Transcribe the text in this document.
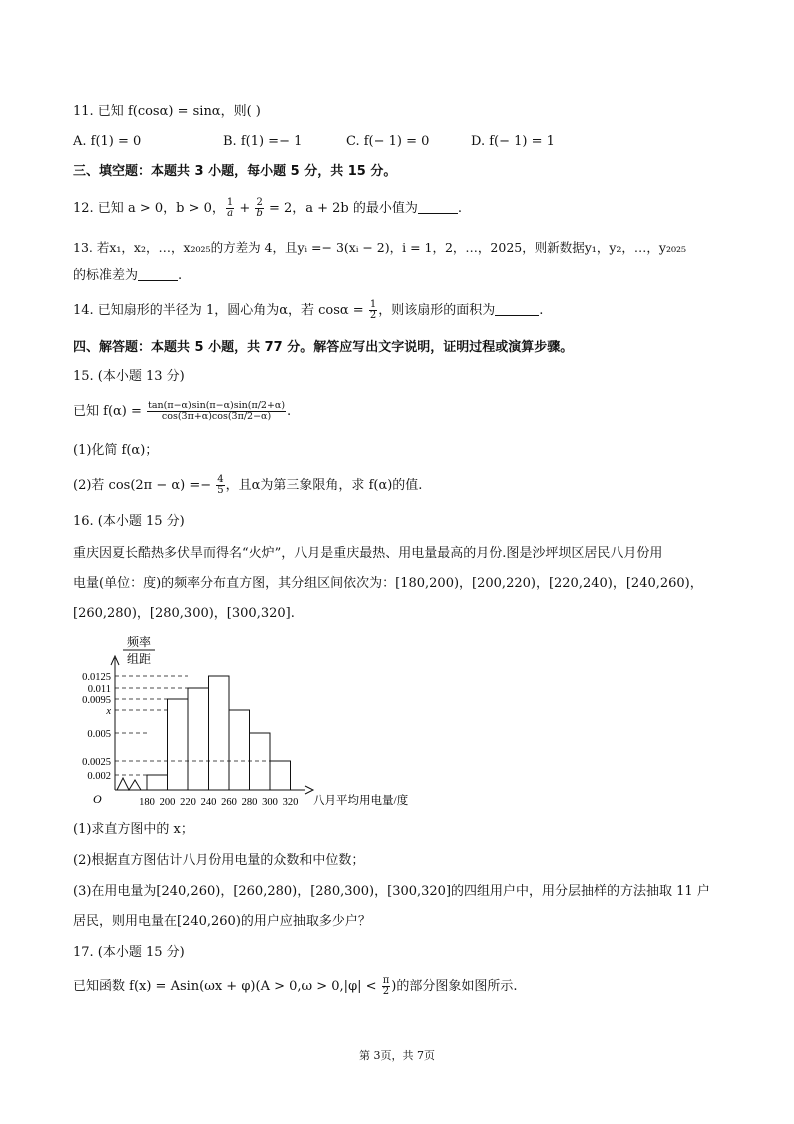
11. 已知 f(cosα) = sinα，则( )
A. f(1) = 0	B. f(1) =− 1	C. f(− 1) = 0	D. f(− 1) = 1
三、填空题：本题共 3 小题，每小题 5 分，共 15 分。
12. 已知 a > 0，b > 0， $\frac{1}{a} + \frac{2}{b} = 2$，a + 2b 的最小值为	.
13. 若x₁，x₂，…，x₂₀₂₅的方差为 4，且yᵢ =− 3(xᵢ − 2)，i = 1，2，…，2025，则新数据y₁，y₂，…，y₂₀₂₅
的标准差为	.
14. 已知扇形的半径为 1，圆心角为α，若 $\cos\alpha = \frac{1}{2}$ ，则该扇形的面积为	.
四、解答题：本题共 5 小题，共 77 分。解答应写出文字说明，证明过程或演算步骤。
15. (本小题 13 分)
已知 $f(\alpha) = \frac{\tan(\pi-\alpha)\sin(\pi-\alpha)\sin(\pi/2+\alpha)}{\cos(3\pi+\alpha)\cos(3\pi/2-\alpha)}$ .
(1)化简 f(α)；
(2)若 $\cos(2\pi - \alpha) =- \frac{4}{5}$ ，且α为第三象限角，求 f(α)的值.
16. (本小题 15 分)
重庆因夏长酷热多伏旱而得名“火炉”，八月是重庆最热、用电量最高的月份.图是沙坪坝区居民八月份用
电量(单位：度)的频率分布直方图，其分组区间依次为：[180,200)，[200,220)，[220,240)，[240,260)，
[260,280)，[280,300)，[300,320].
0.0125
0.011
0.0095
x
0.005
0.0025
0.002
180 200 220 240 260 280 300 320
频率
组距
O	八月平均用电量/度
(1)求直方图中的 x；
(2)根据直方图估计八月份用电量的众数和中位数；
(3)在用电量为[240,260)，[260,280)，[280,300)，[300,320]的四组用户中，用分层抽样的方法抽取 11 户
居民，则用电量在[240,260)的用户应抽取多少户？
17. (本小题 15 分)
已知函数 $f(x) = Asin(\omega x + \varphi)(A > 0,\omega > 0,|\varphi| < \frac{\pi}{2}$ )的部分图象如图所示.
第 3页，共 7页
